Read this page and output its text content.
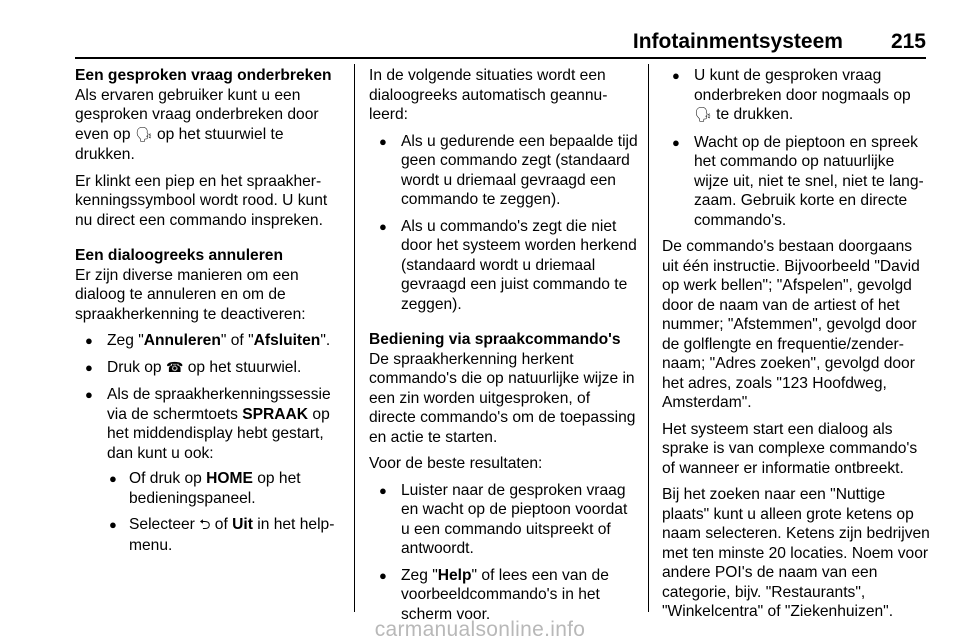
Infotainmentsysteem 215

Een gesproken vraag onderbreken

Als ervaren gebruiker kunt u een gesproken vraag onderbreken door even op 🗣︎ op het stuurwiel te drukken.

Er klinkt een piep en het spraakherkenningssymbool wordt rood. U kunt nu direct een commando inspreken.

Een dialoogreeks annuleren

Er zijn diverse manieren om een dialoog te annuleren en om de spraakherkenning te deactiveren:

● Zeg "Annuleren" of "Afsluiten".
● Druk op ☎︎ op het stuurwiel.
● Als de spraakherkenningssessie via de schermtoets SPRAAK op het middendisplay hebt gestart, dan kunt u ook:
● Of druk op HOME op het bedieningspaneel.
● Selecteer ⮌ of Uit in het help-menu.

In de volgende situaties wordt een dialoogreeks automatisch geannuleerd:

● Als u gedurende een bepaalde tijd geen commando zegt (standaard wordt u driemaal gevraagd een commando te zeggen).
● Als u commando's zegt die niet door het systeem worden herkend (standaard wordt u driemaal gevraagd een juist commando te zeggen).

Bediening via spraakcommando's

De spraakherkenning herkent commando's die op natuurlijke wijze in een zin worden uitgesproken, of directe commando's om de toepassing en actie te starten.

Voor de beste resultaten:

● Luister naar de gesproken vraag en wacht op de pieptoon voordat u een commando uitspreekt of antwoordt.
● Zeg "Help" of lees een van de voorbeeldcommando's in het scherm voor.
● U kunt de gesproken vraag onderbreken door nogmaals op 🗣︎ te drukken.
● Wacht op de pieptoon en spreek het commando op natuurlijke wijze uit, niet te snel, niet te langzaam. Gebruik korte en directe commando's.

De commando's bestaan doorgaans uit één instructie. Bijvoorbeeld "David op werk bellen"; "Afspelen", gevolgd door de naam van de artiest of het nummer; "Afstemmen", gevolgd door de golflengte en frequentie/zendernaam; "Adres zoeken", gevolgd door het adres, zoals "123 Hoofdweg, Amsterdam".

Het systeem start een dialoog als sprake is van complexe commando's of wanneer er informatie ontbreekt.

Bij het zoeken naar een "Nuttige plaats" kunt u alleen grote ketens op naam selecteren. Ketens zijn bedrijven met ten minste 20 locaties. Noem voor andere POI's de naam van een categorie, bijv. "Restaurants", "Winkelcentra" of "Ziekenhuizen".

carmanualsonline.info
